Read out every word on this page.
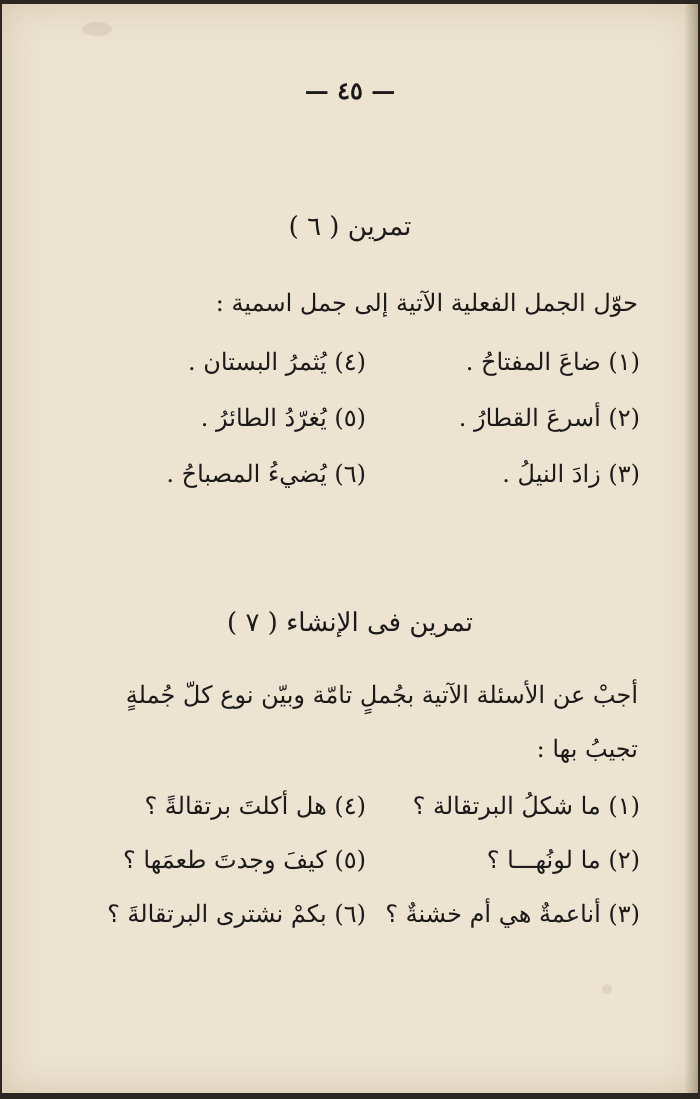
— ٤٥ —
تمرين ( ٦ )
حوّل الجمل الفعلية الآتية إلى جمل اسمية :
(١) ضاعَ المفتاحُ .
(٢) أسرعَ القطارُ .
(٣) زادَ النيلُ .
(٤) يُثمرُ البستان .
(٥) يُغرّدُ الطائرُ .
(٦) يُضيءُ المصباحُ .
تمرين فى الإنشاء ( ٧ )
أجبْ عن الأسئلة الآتية بجُملٍ تامّة وبيّن نوع كلّ جُملةٍ
تجيبُ بها :
(١) ما شكلُ البرتقالة ؟
(٢) ما لونُهـــا ؟
(٣) أناعمةٌ هي أم خشنةٌ ؟
(٤) هل أكلتَ برتقالةً ؟
(٥) كيفَ وجدتَ طعمَها ؟
(٦) بكمْ نشترى البرتقالةَ ؟
